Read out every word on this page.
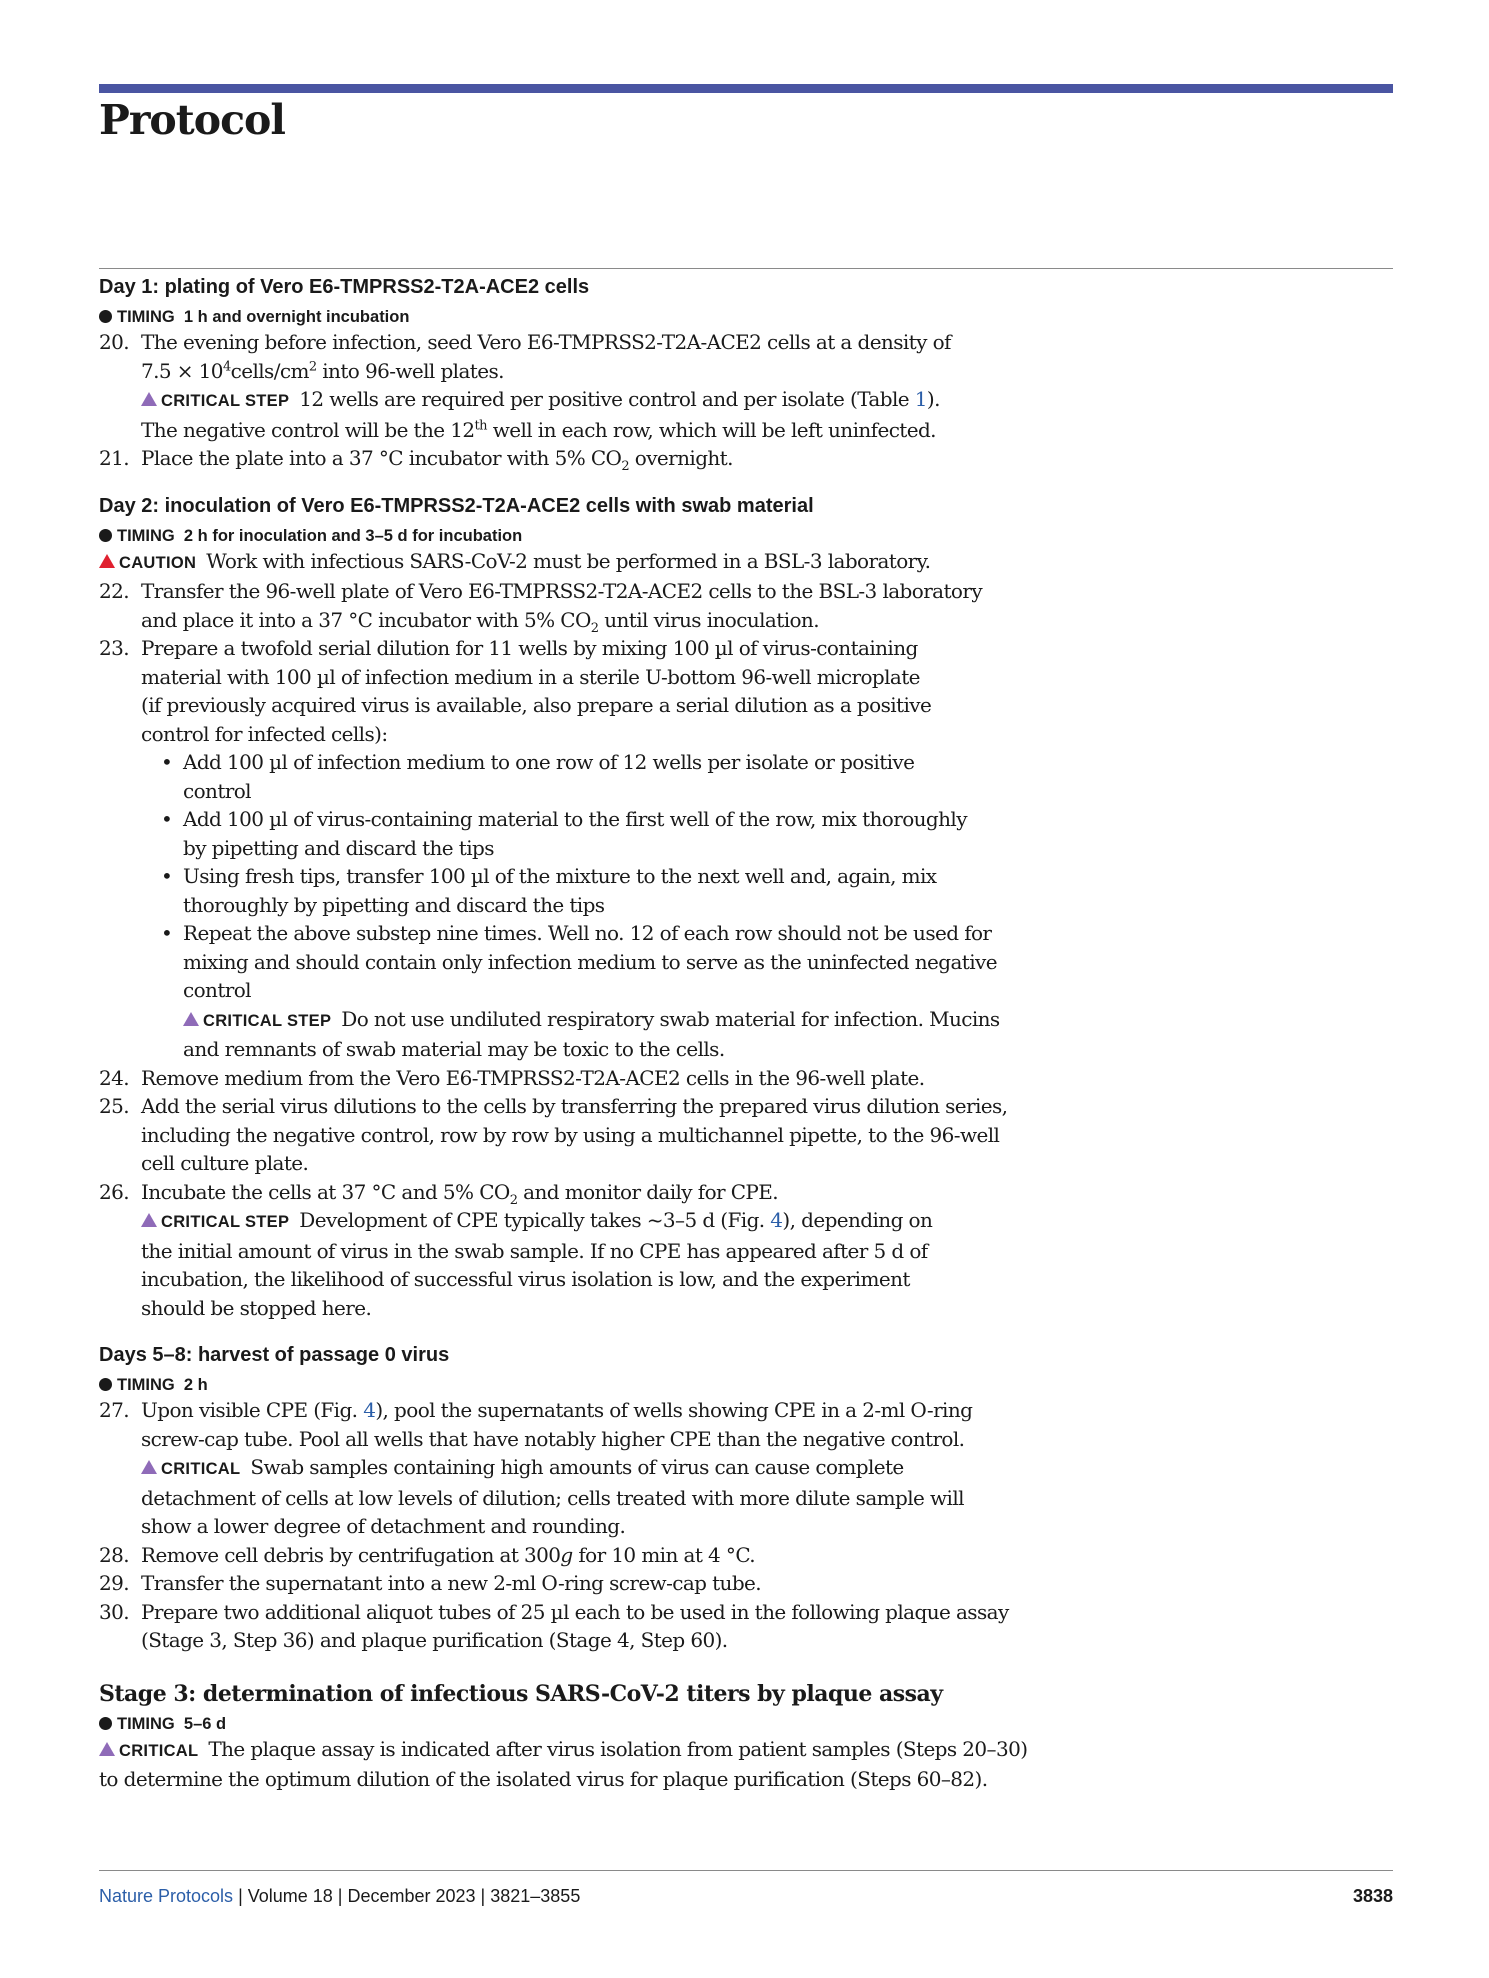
Protocol
Day 1: plating of Vero E6-TMPRSS2-T2A-ACE2 cells
TIMING 1 h and overnight incubation
20. The evening before infection, seed Vero E6-TMPRSS2-T2A-ACE2 cells at a density of
$7.5 \times 10^4cells/cm^2$ into 96-well plates.
CRITICAL STEP 12 wells are required per positive control and per isolate (Table 1).
The negative control will be the 12th well in each row, which will be left uninfected.
21. Place the plate into a 37 °C incubator with 5% $CO_2$ overnight.
Day 2: inoculation of Vero E6-TMPRSS2-T2A-ACE2 cells with swab material
TIMING 2 h for inoculation and 3–5 d for incubation
CAUTION Work with infectious SARS-CoV-2 must be performed in a BSL-3 laboratory.
22. Transfer the 96-well plate of Vero E6-TMPRSS2-T2A-ACE2 cells to the BSL-3 laboratory
and place it into a 37 °C incubator with 5% $CO_2$ until virus inoculation.
23. Prepare a twofold serial dilution for 11 wells by mixing 100 µl of virus-containing
material with 100 µl of infection medium in a sterile U-bottom 96-well microplate
(if previously acquired virus is available, also prepare a serial dilution as a positive
control for infected cells):
• Add 100 µl of infection medium to one row of 12 wells per isolate or positive
control
• Add 100 µl of virus-containing material to the first well of the row, mix thoroughly
by pipetting and discard the tips
• Using fresh tips, transfer 100 µl of the mixture to the next well and, again, mix
thoroughly by pipetting and discard the tips
• Repeat the above substep nine times. Well no. 12 of each row should not be used for
mixing and should contain only infection medium to serve as the uninfected negative
control
CRITICAL STEP Do not use undiluted respiratory swab material for infection. Mucins
and remnants of swab material may be toxic to the cells.
24. Remove medium from the Vero E6-TMPRSS2-T2A-ACE2 cells in the 96-well plate.
25. Add the serial virus dilutions to the cells by transferring the prepared virus dilution series,
including the negative control, row by row by using a multichannel pipette, to the 96-well
cell culture plate.
26. Incubate the cells at 37 °C and 5% $CO_2$ and monitor daily for CPE.
CRITICAL STEP Development of CPE typically takes ~3–5 d (Fig. 4), depending on
the initial amount of virus in the swab sample. If no CPE has appeared after 5 d of
incubation, the likelihood of successful virus isolation is low, and the experiment
should be stopped here.
Days 5–8: harvest of passage 0 virus
TIMING 2 h
27. Upon visible CPE (Fig. 4), pool the supernatants of wells showing CPE in a 2-ml O-ring
screw-cap tube. Pool all wells that have notably higher CPE than the negative control.
CRITICAL Swab samples containing high amounts of virus can cause complete
detachment of cells at low levels of dilution; cells treated with more dilute sample will
show a lower degree of detachment and rounding.
28. Remove cell debris by centrifugation at 300g for 10 min at 4 °C.
29. Transfer the supernatant into a new 2-ml O-ring screw-cap tube.
30. Prepare two additional aliquot tubes of 25 µl each to be used in the following plaque assay
(Stage 3, Step 36) and plaque purification (Stage 4, Step 60).
Stage 3: determination of infectious SARS-CoV-2 titers by plaque assay
TIMING 5–6 d
CRITICAL The plaque assay is indicated after virus isolation from patient samples (Steps 20–30)
to determine the optimum dilution of the isolated virus for plaque purification (Steps 60–82).
Nature Protocols | Volume 18 | December 2023 | 3821–3855	3838
